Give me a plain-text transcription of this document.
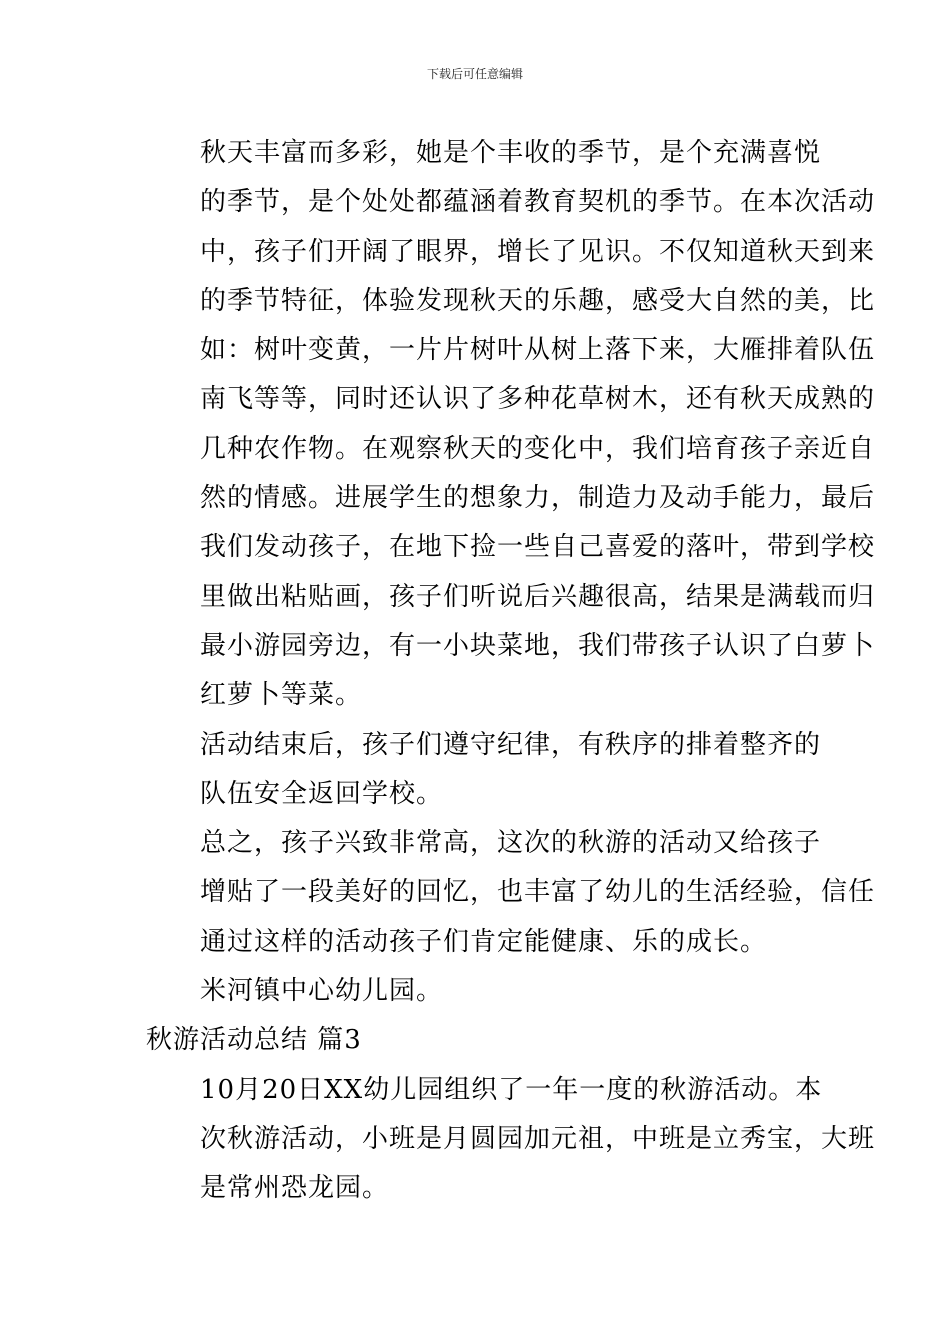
下载后可任意编辑

秋天丰富而多彩，她是个丰收的季节，是个充满喜悦
的季节，是个处处都蕴涵着教育契机的季节。在本次活动
中，孩子们开阔了眼界，增长了见识。不仅知道秋天到来
的季节特征，体验发现秋天的乐趣，感受大自然的美，比
如：树叶变黄，一片片树叶从树上落下来，大雁排着队伍
南飞等等，同时还认识了多种花草树木，还有秋天成熟的
几种农作物。在观察秋天的变化中，我们培育孩子亲近自
然的情感。进展学生的想象力，制造力及动手能力，最后
我们发动孩子，在地下捡一些自己喜爱的落叶，带到学校
里做出粘贴画，孩子们听说后兴趣很高，结果是满载而归
最小游园旁边，有一小块菜地，我们带孩子认识了白萝卜
红萝卜等菜。

活动结束后，孩子们遵守纪律，有秩序的排着整齐的
队伍安全返回学校。

总之，孩子兴致非常高，这次的秋游的活动又给孩子
增贴了一段美好的回忆，也丰富了幼儿的生活经验，信任
通过这样的活动孩子们肯定能健康、乐的成长。

米河镇中心幼儿园。

秋游活动总结 篇3

10月20日XX幼儿园组织了一年一度的秋游活动。本
次秋游活动，小班是月圆园加元祖，中班是立秀宝，大班
是常州恐龙园。
